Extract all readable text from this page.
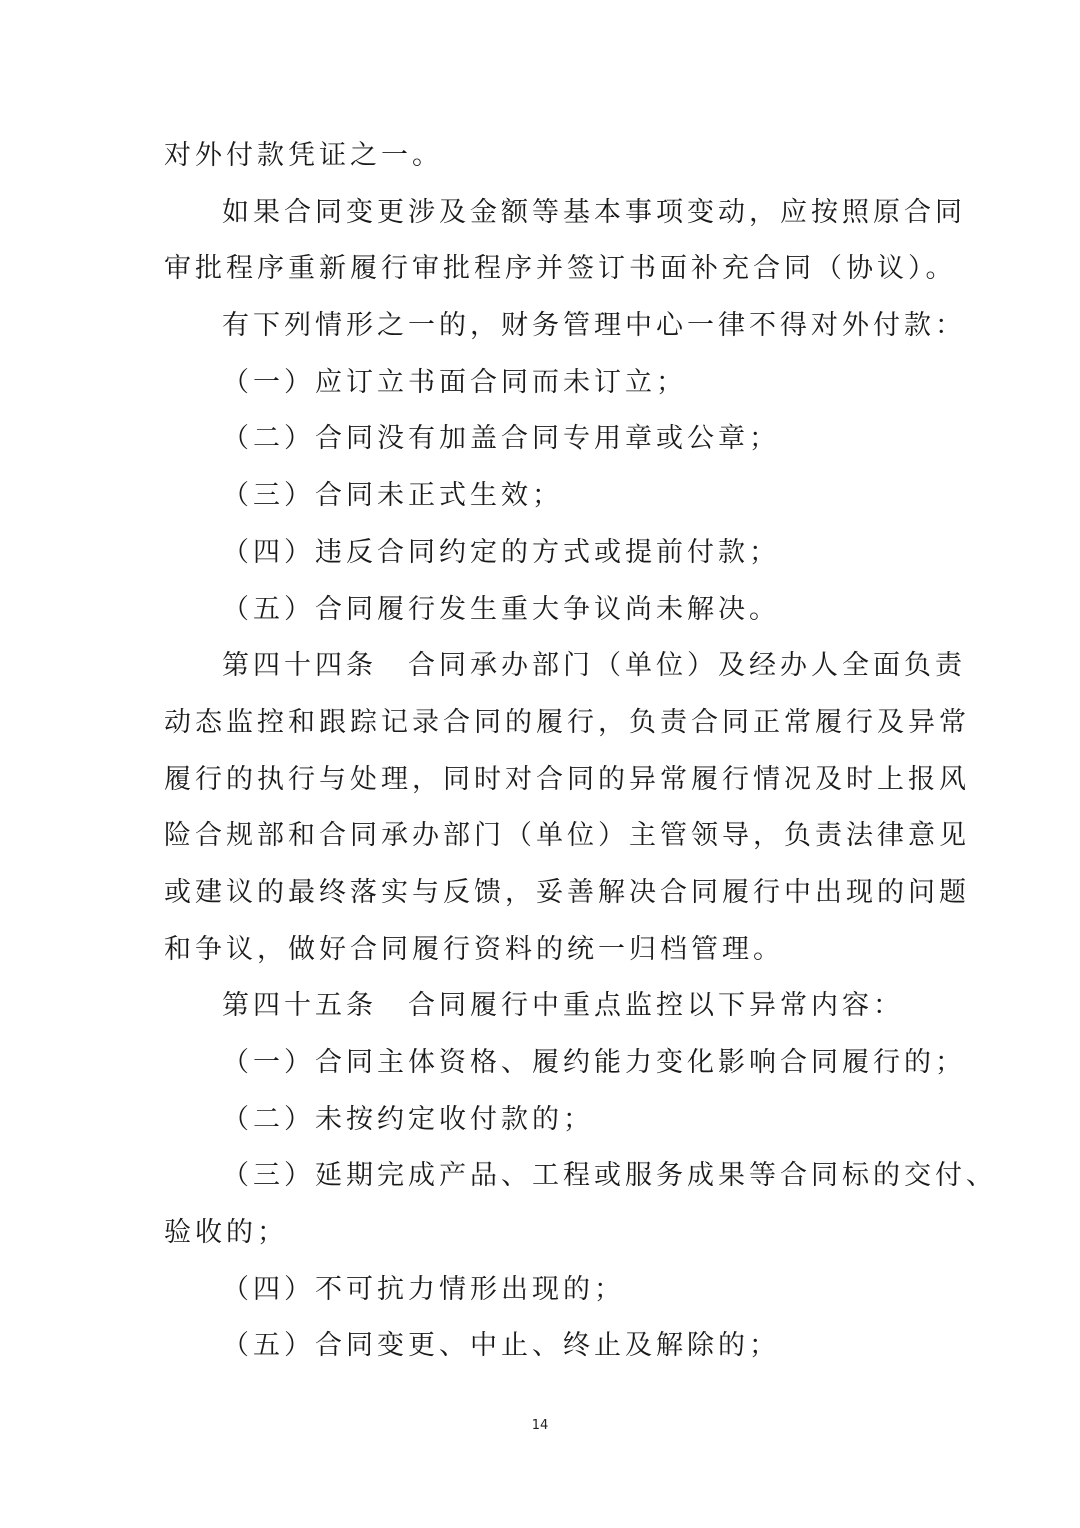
对外付款凭证之一。
如果合同变更涉及金额等基本事项变动，应按照原合同
审批程序重新履行审批程序并签订书面补充合同（协议）。
有下列情形之一的，财务管理中心一律不得对外付款：
（一）应订立书面合同而未订立；
（二）合同没有加盖合同专用章或公章；
（三）合同未正式生效；
（四）违反合同约定的方式或提前付款；
（五）合同履行发生重大争议尚未解决。
第四十四条　合同承办部门（单位）及经办人全面负责
动态监控和跟踪记录合同的履行，负责合同正常履行及异常
履行的执行与处理，同时对合同的异常履行情况及时上报风
险合规部和合同承办部门（单位）主管领导，负责法律意见
或建议的最终落实与反馈，妥善解决合同履行中出现的问题
和争议，做好合同履行资料的统一归档管理。
第四十五条　合同履行中重点监控以下异常内容：
（一）合同主体资格、履约能力变化影响合同履行的；
（二）未按约定收付款的；
（三）延期完成产品、工程或服务成果等合同标的交付、
验收的；
（四）不可抗力情形出现的；
（五）合同变更、中止、终止及解除的；
14
